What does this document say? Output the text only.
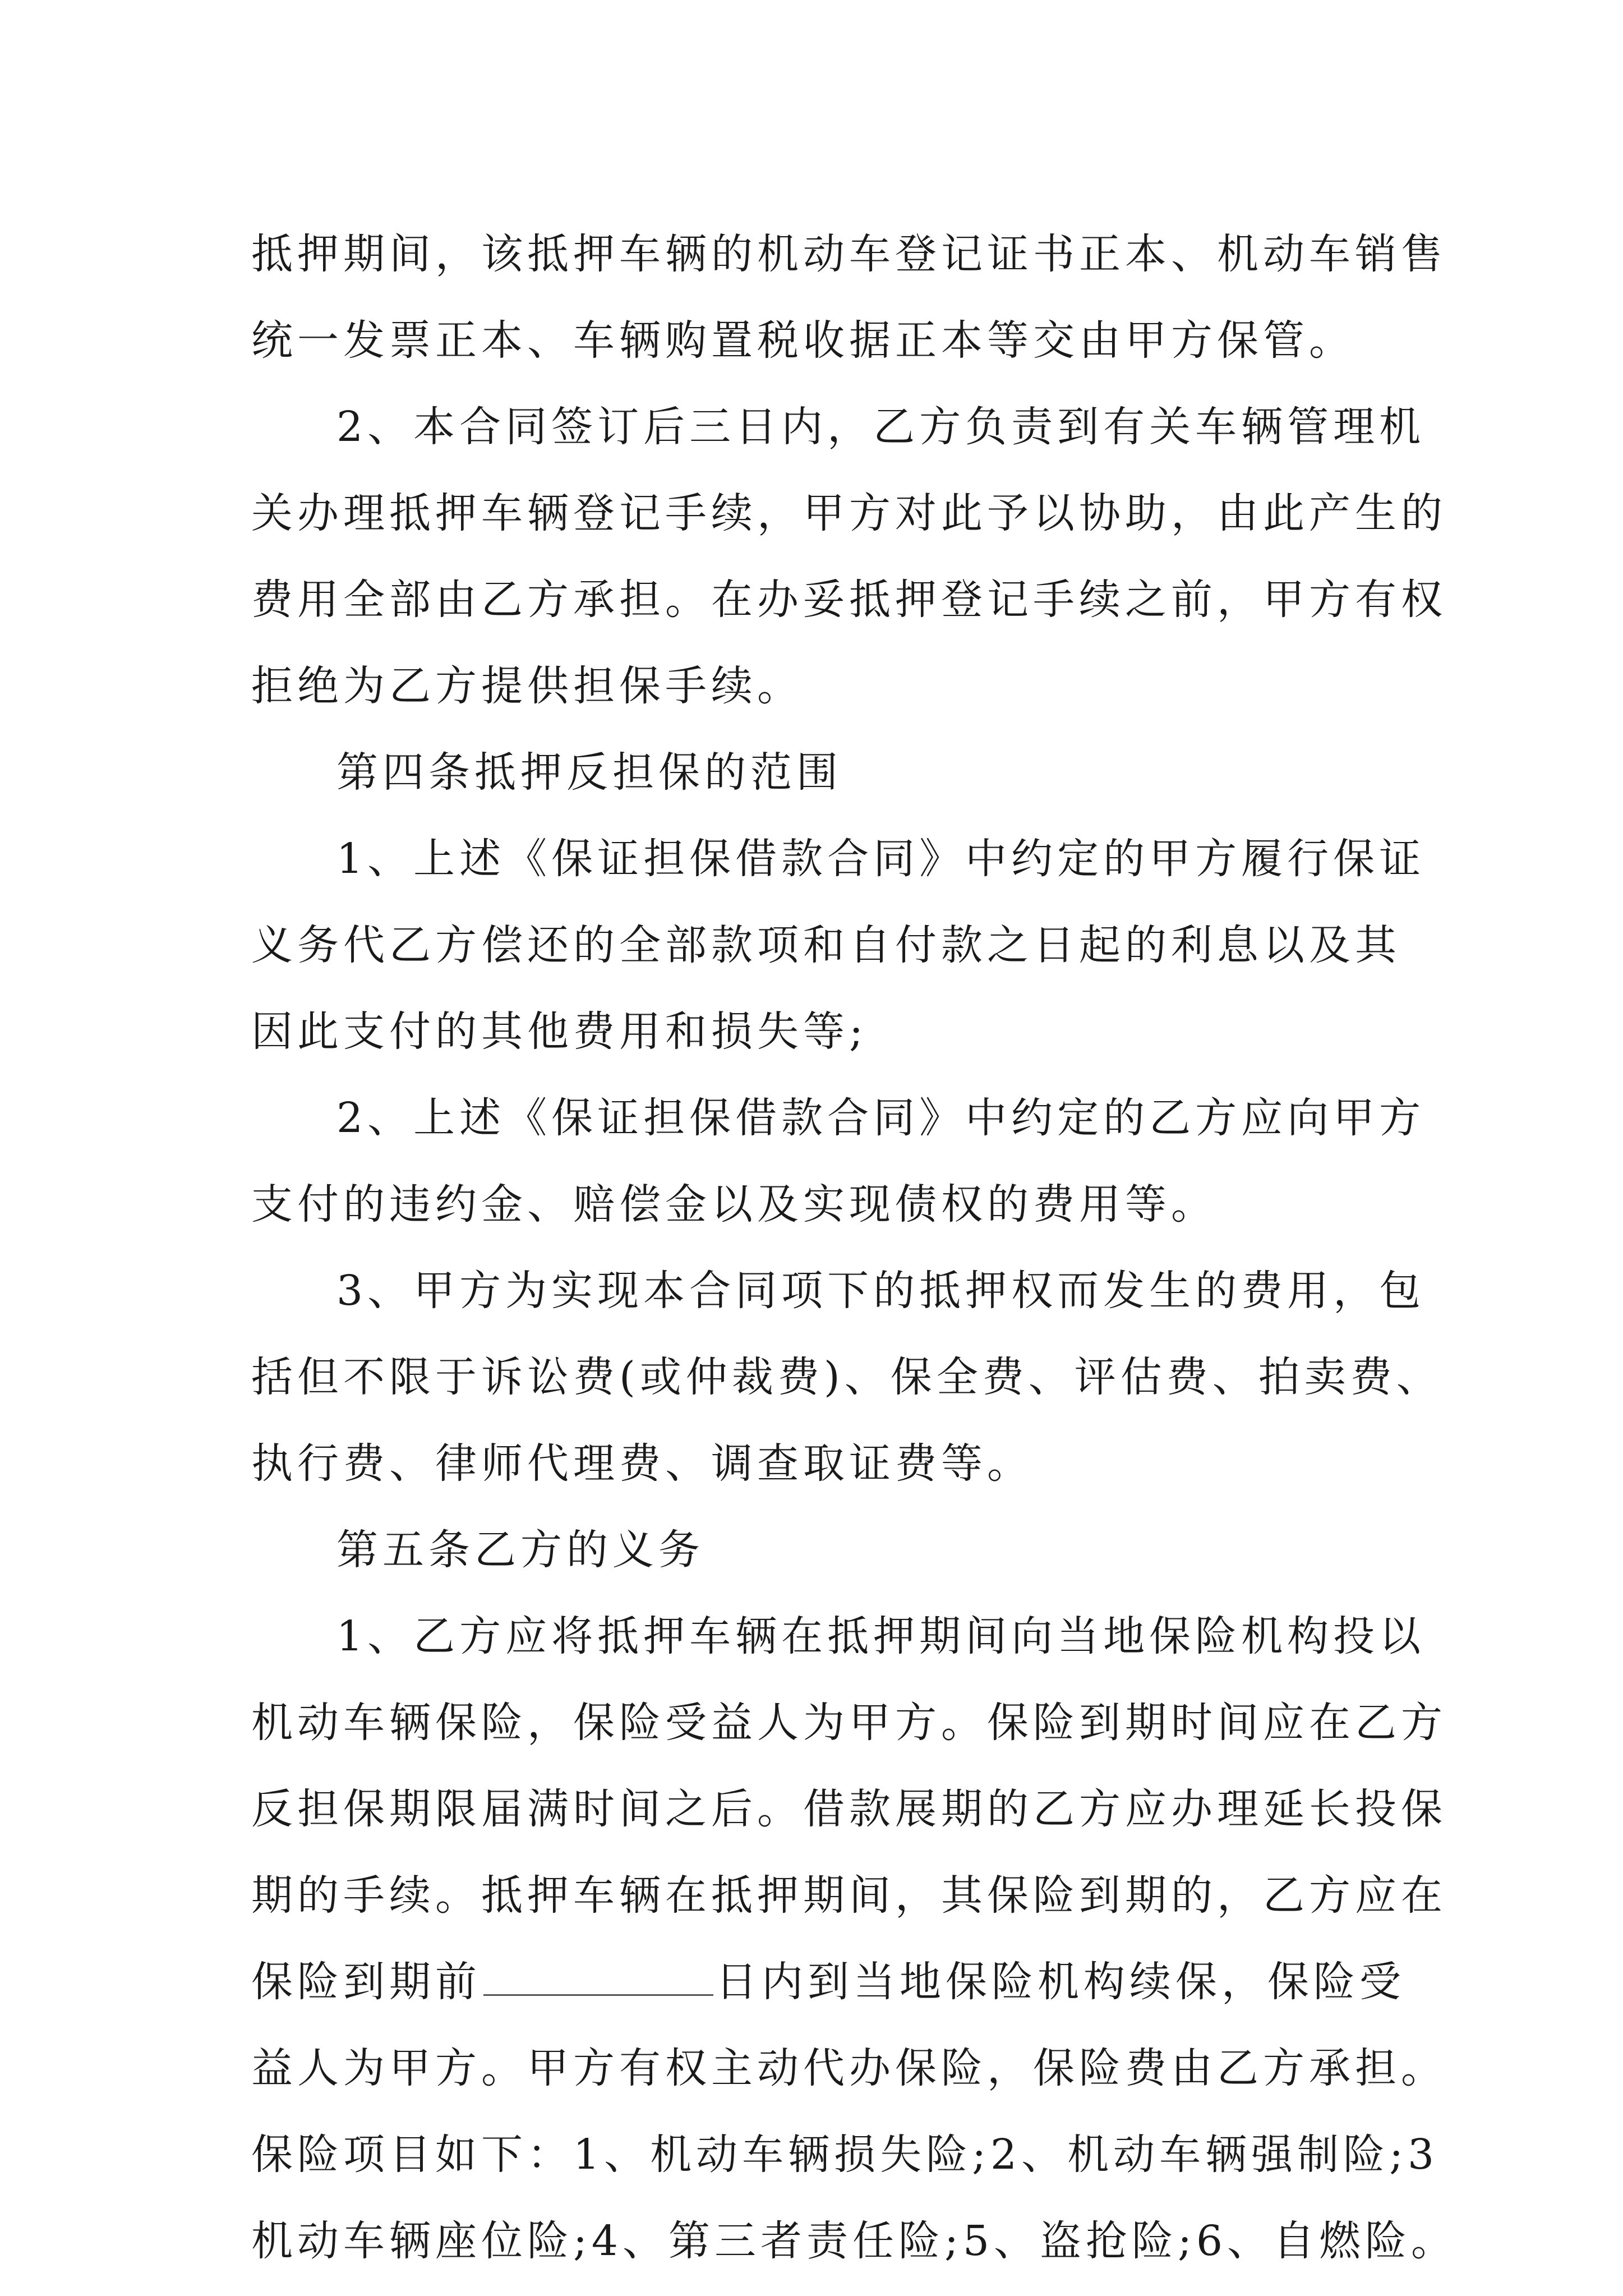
抵押期间，该抵押车辆的机动车登记证书正本、机动车销售
统一发票正本、车辆购置税收据正本等交由甲方保管。
2、本合同签订后三日内，乙方负责到有关车辆管理机
关办理抵押车辆登记手续，甲方对此予以协助，由此产生的
费用全部由乙方承担。在办妥抵押登记手续之前，甲方有权
拒绝为乙方提供担保手续。
第四条抵押反担保的范围
1、上述《保证担保借款合同》中约定的甲方履行保证
义务代乙方偿还的全部款项和自付款之日起的利息以及其
因此支付的其他费用和损失等;
2、上述《保证担保借款合同》中约定的乙方应向甲方
支付的违约金、赔偿金以及实现债权的费用等。
3、甲方为实现本合同项下的抵押权而发生的费用，包
括但不限于诉讼费(或仲裁费)、保全费、评估费、拍卖费、
执行费、律师代理费、调查取证费等。
第五条乙方的义务
1、乙方应将抵押车辆在抵押期间向当地保险机构投以
机动车辆保险，保险受益人为甲方。保险到期时间应在乙方
反担保期限届满时间之后。借款展期的乙方应办理延长投保
期的手续。抵押车辆在抵押期间，其保险到期的，乙方应在
保险到期前	日内到当地保险机构续保，保险受
益人为甲方。甲方有权主动代办保险，保险费由乙方承担。
保险项目如下：1、机动车辆损失险;2、机动车辆强制险;3
机动车辆座位险;4、第三者责任险;5、盗抢险;6、自燃险。
